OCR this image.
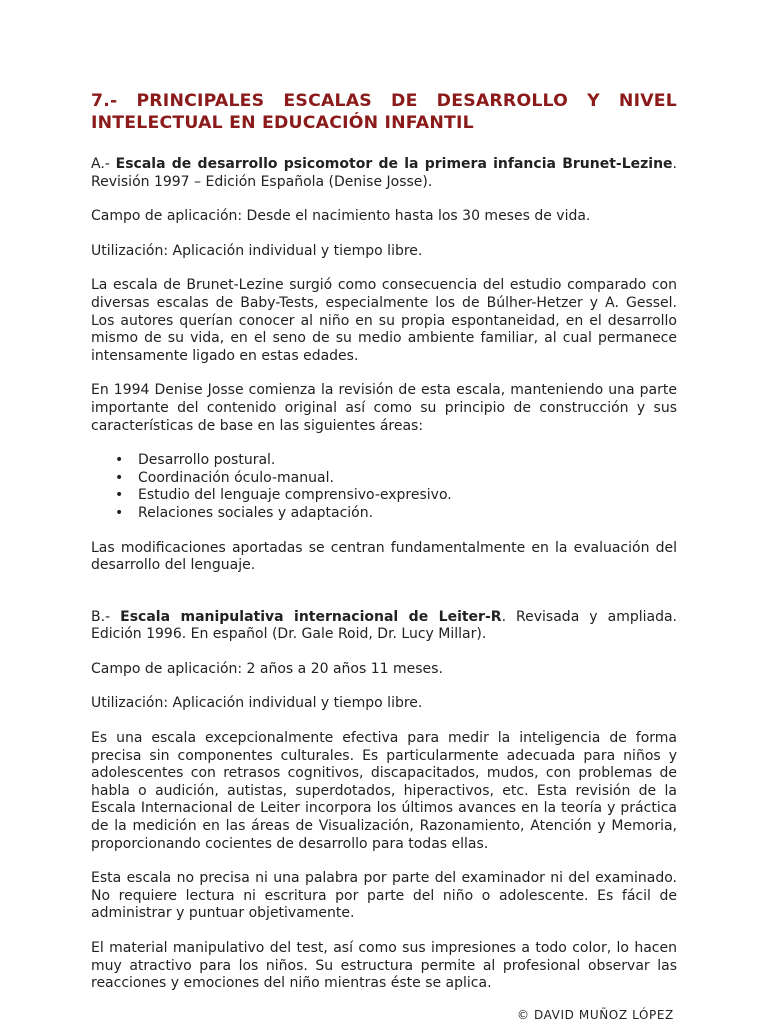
7.- PRINCIPALES ESCALAS DE DESARROLLO Y NIVEL INTELECTUAL EN EDUCACIÓN INFANTIL

A.- Escala de desarrollo psicomotor de la primera infancia Brunet-Lezine. Revisión 1997 – Edición Española (Denise Josse).

Campo de aplicación: Desde el nacimiento hasta los 30 meses de vida.

Utilización: Aplicación individual y tiempo libre.

La escala de Brunet-Lezine surgió como consecuencia del estudio comparado con diversas escalas de Baby-Tests, especialmente los de Búlher-Hetzer y A. Gessel. Los autores querían conocer al niño en su propia espontaneidad, en el desarrollo mismo de su vida, en el seno de su medio ambiente familiar, al cual permanece intensamente ligado en estas edades.

En 1994 Denise Josse comienza la revisión de esta escala, manteniendo una parte importante del contenido original así como su principio de construcción y sus características de base en las siguientes áreas:

• Desarrollo postural.
• Coordinación óculo-manual.
• Estudio del lenguaje comprensivo-expresivo.
• Relaciones sociales y adaptación.

Las modificaciones aportadas se centran fundamentalmente en la evaluación del desarrollo del lenguaje.

B.- Escala manipulativa internacional de Leiter-R. Revisada y ampliada. Edición 1996. En español (Dr. Gale Roid, Dr. Lucy Millar).

Campo de aplicación: 2 años a 20 años 11 meses.

Utilización: Aplicación individual y tiempo libre.

Es una escala excepcionalmente efectiva para medir la inteligencia de forma precisa sin componentes culturales. Es particularmente adecuada para niños y adolescentes con retrasos cognitivos, discapacitados, mudos, con problemas de habla o audición, autistas, superdotados, hiperactivos, etc. Esta revisión de la Escala Internacional de Leiter incorpora los últimos avances en la teoría y práctica de la medición en las áreas de Visualización, Razonamiento, Atención y Memoria, proporcionando cocientes de desarrollo para todas ellas.

Esta escala no precisa ni una palabra por parte del examinador ni del examinado. No requiere lectura ni escritura por parte del niño o adolescente. Es fácil de administrar y puntuar objetivamente.

El material manipulativo del test, así como sus impresiones a todo color, lo hacen muy atractivo para los niños. Su estructura permite al profesional observar las reacciones y emociones del niño mientras éste se aplica.

© DAVID MUÑOZ LÓPEZ
